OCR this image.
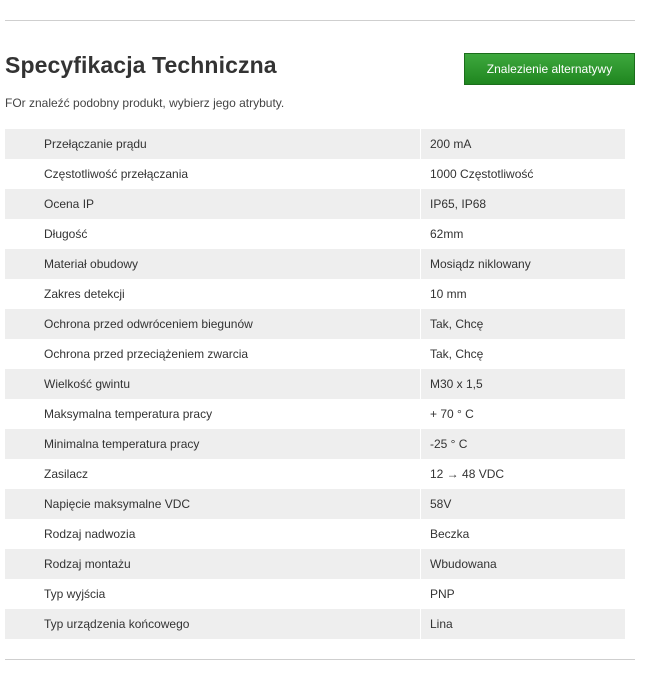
Specyfikacja Techniczna	Znalezienie alternatywy

FOr znaleźć podobny produkt, wybierz jego atrybuty.

Przełączanie prądu	200 mA
Częstotliwość przełączania	1000 Częstotliwość
Ocena IP	IP65, IP68
Długość	62mm
Materiał obudowy	Mosiądz niklowany
Zakres detekcji	10 mm
Ochrona przed odwróceniem biegunów	Tak, Chcę
Ochrona przed przeciążeniem zwarcia	Tak, Chcę
Wielkość gwintu	M30 x 1,5
Maksymalna temperatura pracy	+ 70 ° C
Minimalna temperatura pracy	-25 ° C
Zasilacz	12 → 48 VDC
Napięcie maksymalne VDC	58V
Rodzaj nadwozia	Beczka
Rodzaj montażu	Wbudowana
Typ wyjścia	PNP
Typ urządzenia końcowego	Lina
